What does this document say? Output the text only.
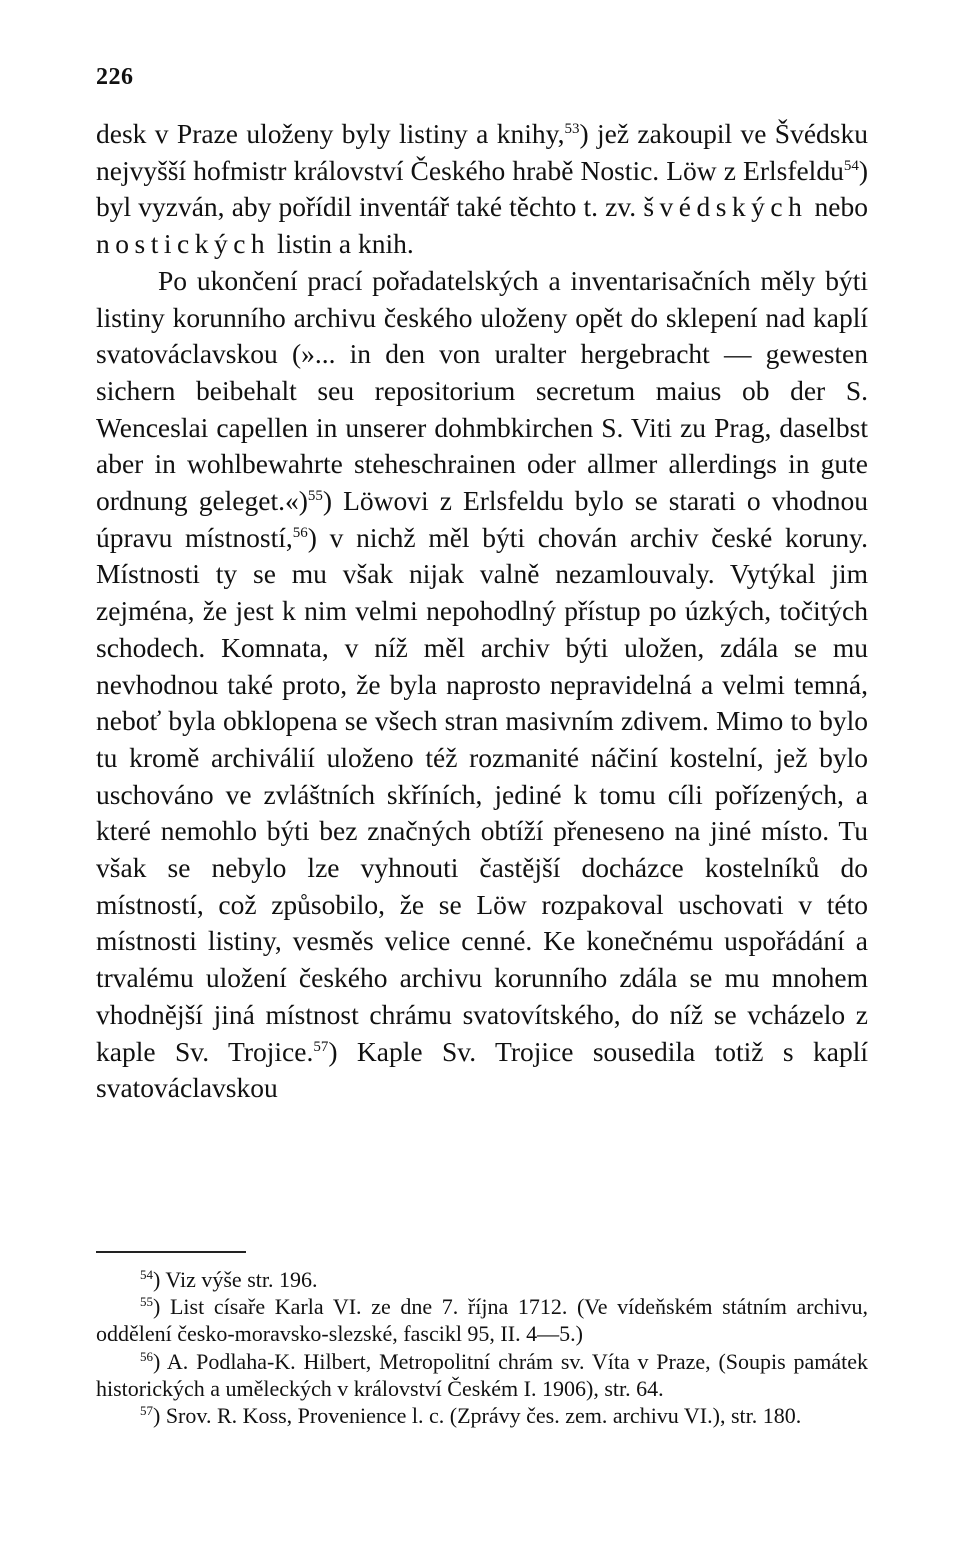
226

desk v Praze uloženy byly listiny a knihy,$^{53}$) jež zakoupil ve Švédsku nejvyšší hofmistr království Českého hrabě Nostic. Löw z Erlsfeldu$^{54}$) byl vyzván, aby pořídil inventář také těchto t. zv. švédských nebo nostických listin a knih.

Po ukončení prací pořadatelských a inventarisačních měly býti listiny korunního archivu českého uloženy opět do sklepení nad kaplí svatováclavskou (»... in den von uralter hergebracht — gewesten sichern beibehalt seu repositorium secretum maius ob der S. Wenceslai capellen in unserer dohmbkirchen S. Viti zu Prag, daselbst aber in wohlbewahrte steheschrainen oder allmer allerdings in gute ordnung geleget.«)$^{55}$) Löwovi z Erlsfeldu bylo se starati o vhodnou úpravu místností,$^{56}$) v nichž měl býti chován archiv české koruny. Místnosti ty se mu však nijak valně nezamlouvaly. Vytýkal jim zejména, že jest k nim velmi nepohodlný přístup po úzkých, točitých schodech. Komnata, v níž měl archiv býti uložen, zdála se mu nevhodnou také proto, že byla naprosto nepravidelná a velmi temná, neboť byla obklopena se všech stran masivním zdivem. Mimo to bylo tu kromě archiválií uloženo též rozmanité náčiní kostelní, jež bylo uschováno ve zvláštních skříních, jediné k tomu cíli pořízených, a které nemohlo býti bez značných obtíží přeneseno na jiné místo. Tu však se nebylo lze vyhnouti častější docházce kostelníků do místností, což způsobilo, že se Löw rozpakoval uschovati v této místnosti listiny, vesměs velice cenné. Ke konečnému uspořádání a trvalému uložení českého archivu korunního zdála se mu mnohem vhodnější jiná místnost chrámu svatovítského, do níž se vcházelo z kaple Sv. Trojice.$^{57}$) Kaple Sv. Trojice sousedila totiž s kaplí svatováclavskou

$^{54}$) Viz výše str. 196.

$^{55}$) List císaře Karla VI. ze dne 7. října 1712. (Ve vídeňském státním archivu, oddělení česko-moravsko-slezské, fascikl 95, II. 4—5.)

$^{56}$) A. Podlaha-K. Hilbert, Metropolitní chrám sv. Víta v Praze, (Soupis památek historických a uměleckých v království Českém I. 1906), str. 64.

$^{57}$) Srov. R. Koss, Provenience l. c. (Zprávy čes. zem. archivu VI.), str. 180.
